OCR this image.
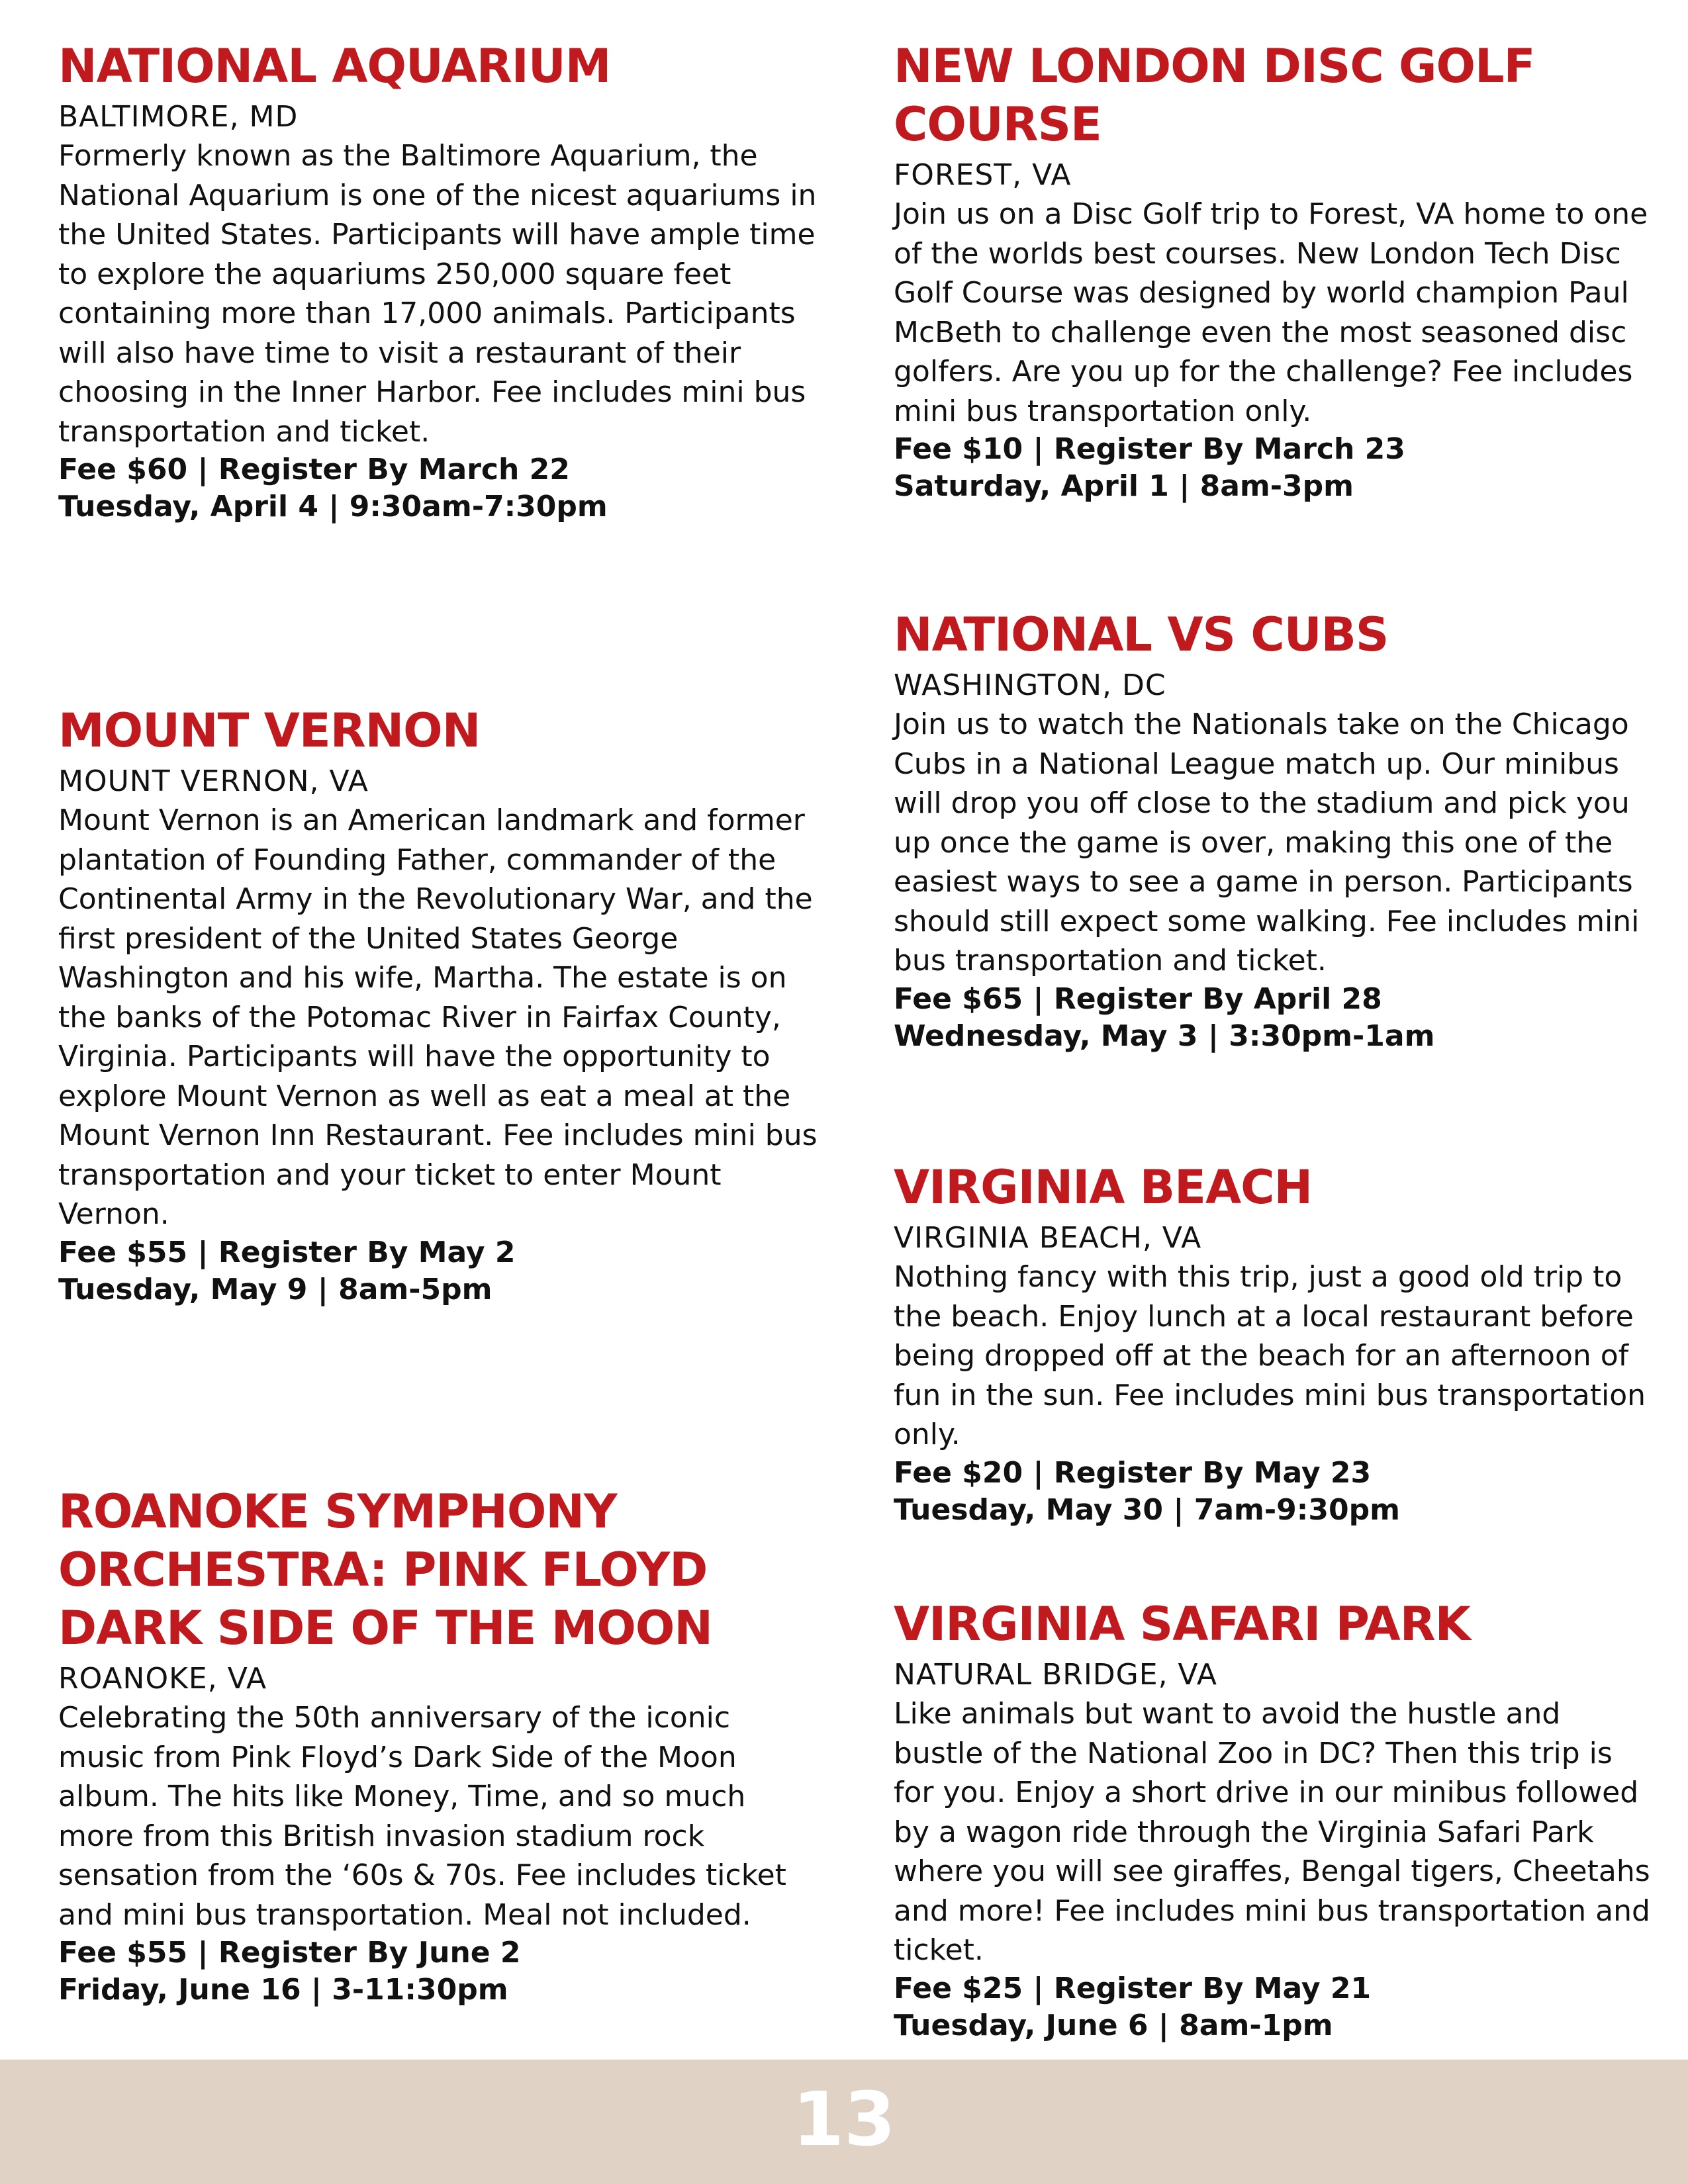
NATIONAL AQUARIUM
BALTIMORE, MD

Formerly known as the Baltimore Aquarium, the National Aquarium is one of the nicest aquariums in the United States. Participants will have ample time to explore the aquariums 250,000 square feet containing more than 17,000 animals. Participants will also have time to visit a restaurant of their choosing in the Inner Harbor. Fee includes mini bus transportation and ticket.

Fee $60 | Register By March 22
Tuesday, April 4 | 9:30am-7:30pm
MOUNT VERNON
MOUNT VERNON, VA

Mount Vernon is an American landmark and former plantation of Founding Father, commander of the Continental Army in the Revolutionary War, and the first president of the United States George Washington and his wife, Martha. The estate is on the banks of the Potomac River in Fairfax County, Virginia. Participants will have the opportunity to explore Mount Vernon as well as eat a meal at the Mount Vernon Inn Restaurant. Fee includes mini bus transportation and your ticket to enter Mount Vernon.

Fee $55 | Register By May 2
Tuesday, May 9 | 8am-5pm
ROANOKE SYMPHONY ORCHESTRA: PINK FLOYD DARK SIDE OF THE MOON
ROANOKE, VA

Celebrating the 50th anniversary of the iconic music from Pink Floyd’s Dark Side of the Moon album. The hits like Money, Time, and so much more from this British invasion stadium rock sensation from the ‘60s & 70s. Fee includes ticket and mini bus transportation. Meal not included.

Fee $55 | Register By June 2
Friday, June 16 | 3-11:30pm
NEW LONDON DISC GOLF COURSE
FOREST, VA

Join us on a Disc Golf trip to Forest, VA home to one of the worlds best courses. New London Tech Disc Golf Course was designed by world champion Paul McBeth to challenge even the most seasoned disc golfers. Are you up for the challenge? Fee includes mini bus transportation only.

Fee $10 | Register By March 23
Saturday, April 1 | 8am-3pm
NATIONAL VS CUBS
WASHINGTON, DC

Join us to watch the Nationals take on the Chicago Cubs in a National League match up. Our minibus will drop you off close to the stadium and pick you up once the game is over, making this one of the easiest ways to see a game in person. Participants should still expect some walking. Fee includes mini bus transportation and ticket.

Fee $65 | Register By April 28
Wednesday, May 3 | 3:30pm-1am
VIRGINIA BEACH
VIRGINIA BEACH, VA

Nothing fancy with this trip, just a good old trip to the beach. Enjoy lunch at a local restaurant before being dropped off at the beach for an afternoon of fun in the sun. Fee includes mini bus transportation only.

Fee $20 | Register By May 23
Tuesday, May 30 | 7am-9:30pm
VIRGINIA SAFARI PARK
NATURAL BRIDGE, VA

Like animals but want to avoid the hustle and bustle of the National Zoo in DC? Then this trip is for you. Enjoy a short drive in our minibus followed by a wagon ride through the Virginia Safari Park where you will see giraffes, Bengal tigers, Cheetahs and more! Fee includes mini bus transportation and ticket.

Fee $25 | Register By May 21
Tuesday, June 6 | 8am-1pm
13
